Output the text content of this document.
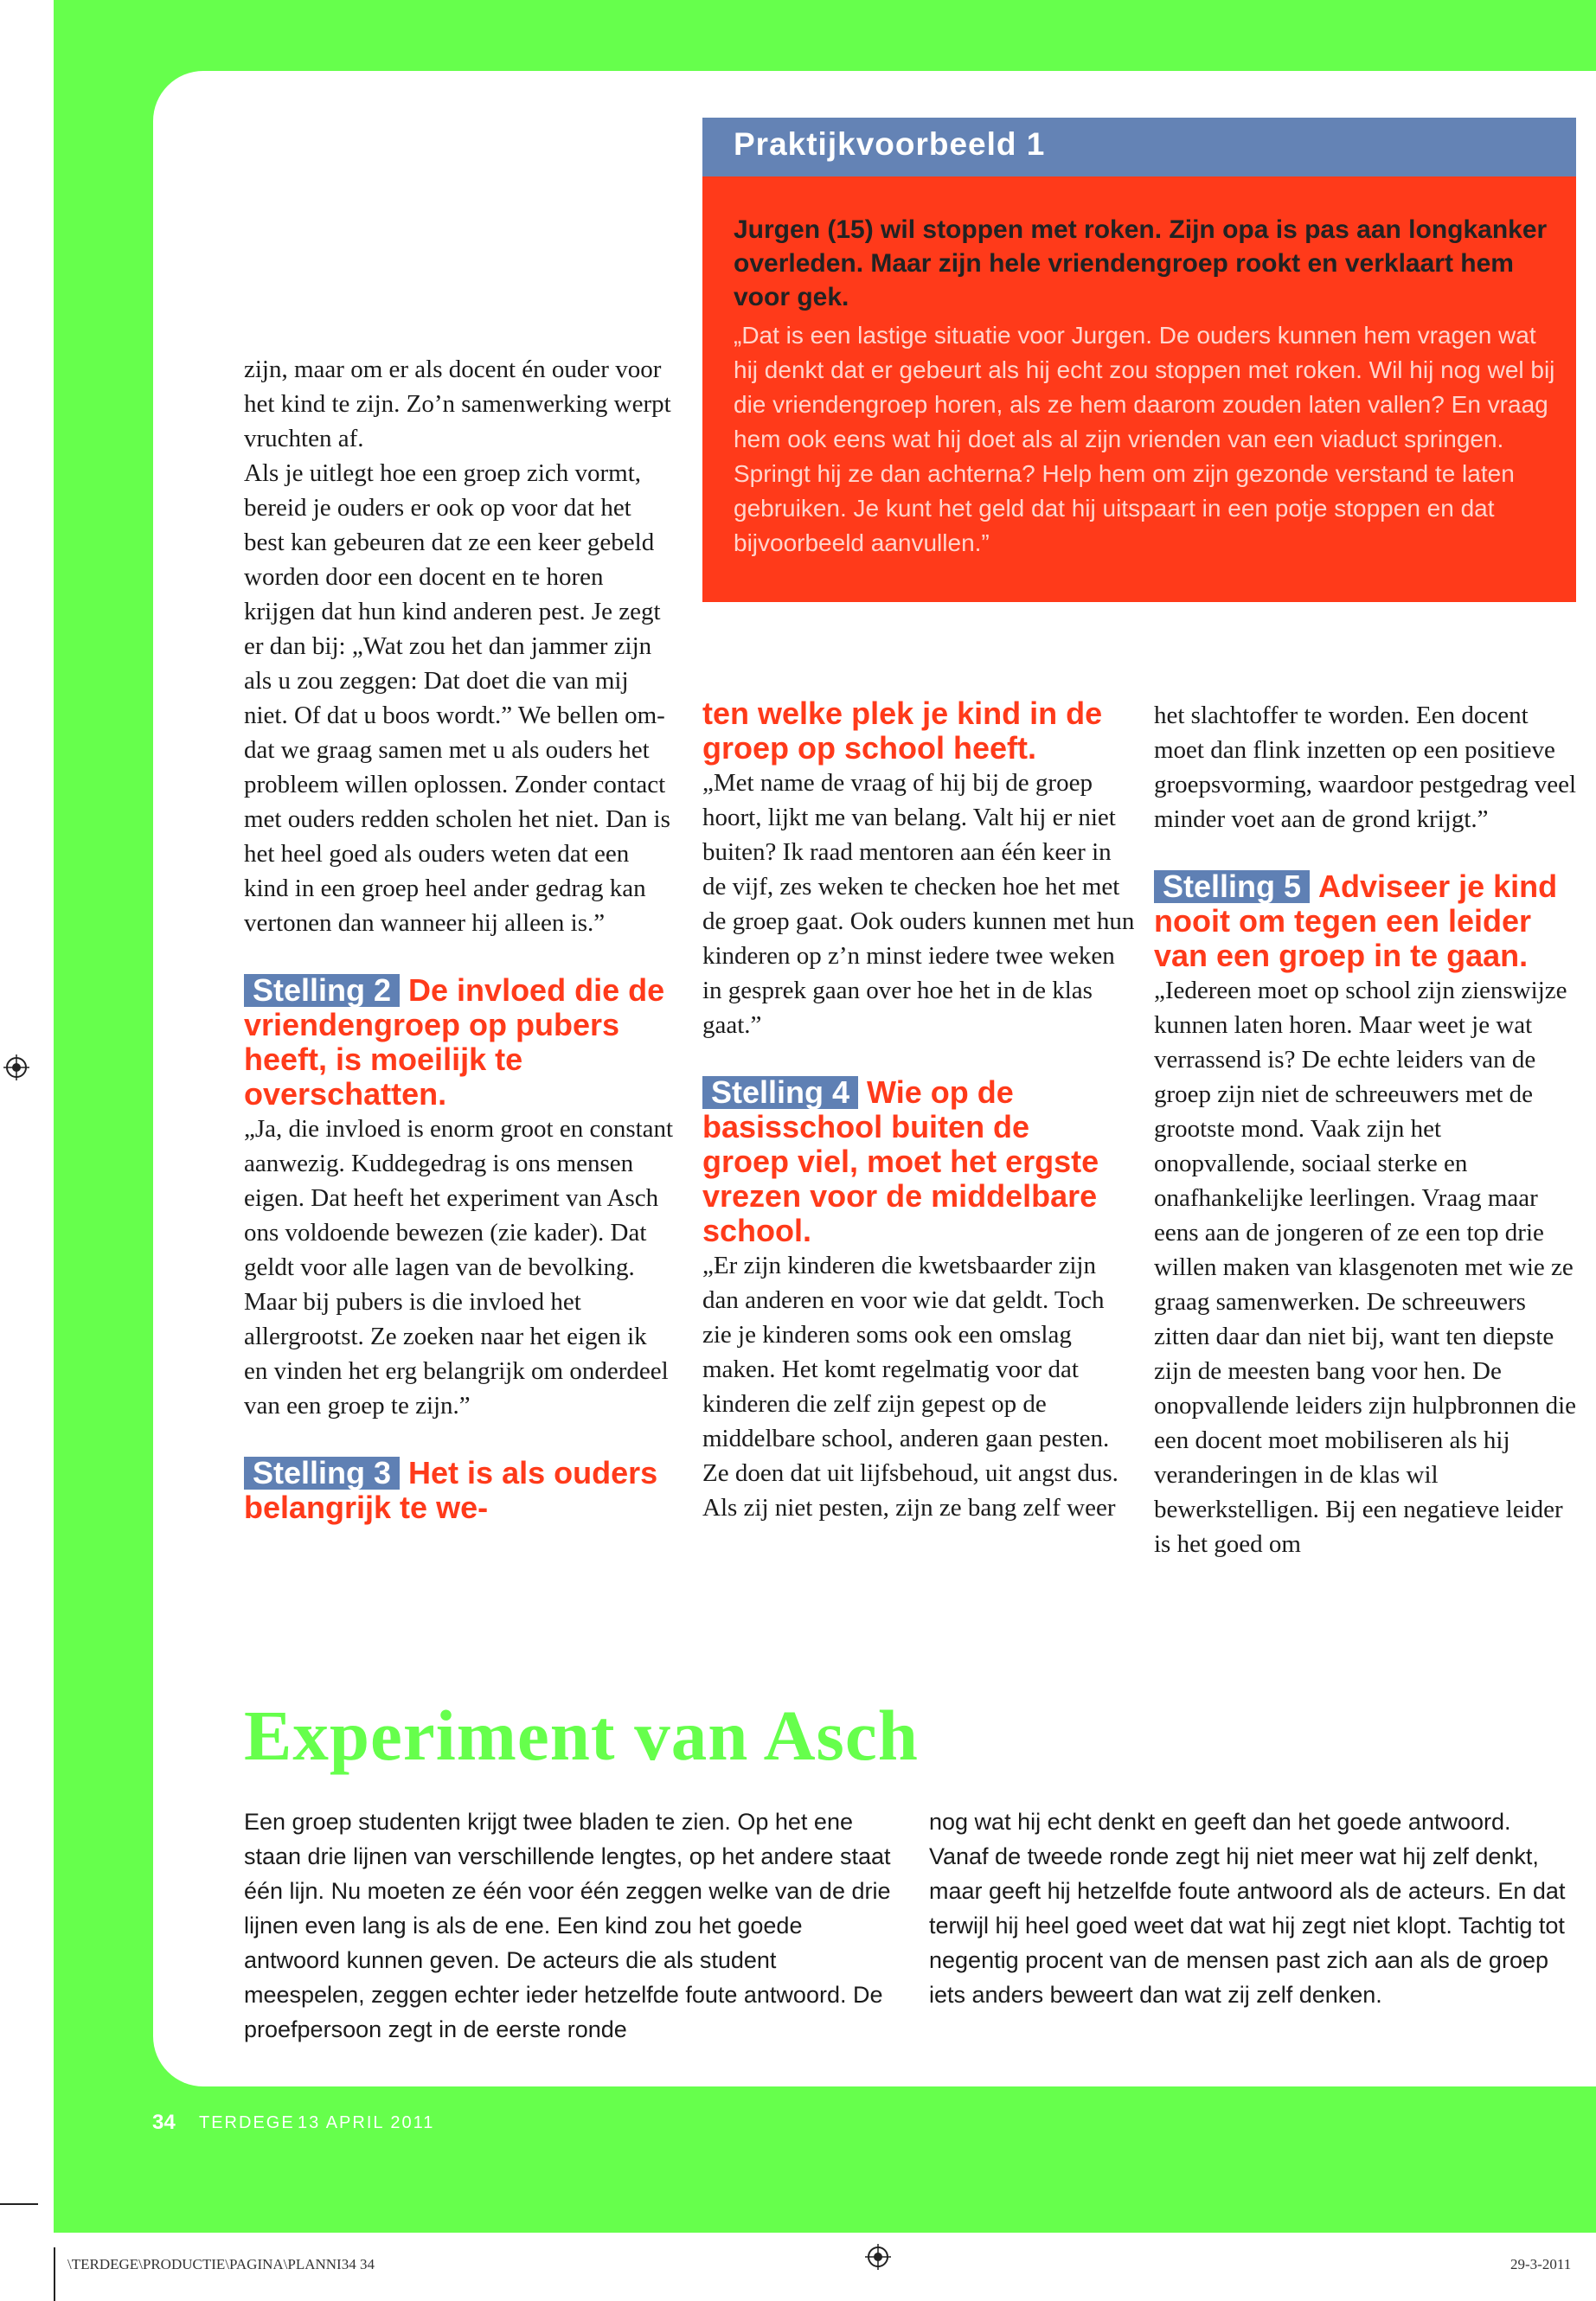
Praktijkvoorbeeld 1

Jurgen (15) wil stoppen met roken. Zijn opa is pas aan longkanker overleden. Maar zijn hele vriendengroep rookt en verklaart hem voor gek.

„Dat is een lastige situatie voor Jurgen. De ouders kunnen hem vragen wat hij denkt dat er gebeurt als hij echt zou stoppen met roken. Wil hij nog wel bij die vriendengroep horen, als ze hem daarom zouden laten vallen? En vraag hem ook eens wat hij doet als al zijn vrienden van een viaduct springen. Springt hij ze dan achterna? Help hem om zijn gezonde verstand te laten gebruiken. Je kunt het geld dat hij uitspaart in een potje stoppen en dat bijvoorbeeld aanvullen.”

zijn, maar om er als docent én ouder voor het kind te zijn. Zo’n samenwerking werpt vruchten af.

Als je uitlegt hoe een groep zich vormt, bereid je ouders er ook op voor dat het best kan gebeuren dat ze een keer gebeld worden door een docent en te horen krijgen dat hun kind anderen pest. Je zegt er dan bij: „Wat zou het dan jammer zijn als u zou zeggen: Dat doet die van mij niet. Of dat u boos wordt.” We bellen omdat we graag samen met u als ouders het probleem willen oplossen. Zonder contact met ouders redden scholen het niet. Dan is het heel goed als ouders weten dat een kind in een groep heel ander gedrag kan vertonen dan wanneer hij alleen is.”

Stelling 2 De invloed die de vriendengroep op pubers heeft, is moeilijk te overschatten.

„Ja, die invloed is enorm groot en constant aanwezig. Kuddegedrag is ons mensen eigen. Dat heeft het experiment van Asch ons voldoende bewezen (zie kader). Dat geldt voor alle lagen van de bevolking. Maar bij pubers is die invloed het allergrootst. Ze zoeken naar het eigen ik en vinden het erg belangrijk om onderdeel van een groep te zijn.”

Stelling 3 Het is als ouders belangrijk te we-
ten welke plek je kind in de groep op school heeft.

„Met name de vraag of hij bij de groep hoort, lijkt me van belang. Valt hij er niet buiten? Ik raad mentoren aan één keer in de vijf, zes weken te checken hoe het met de groep gaat. Ook ouders kunnen met hun kinderen op z’n minst iedere twee weken in gesprek gaan over hoe het in de klas gaat.”

Stelling 4 Wie op de basisschool buiten de groep viel, moet het ergste vrezen voor de middelbare school.

„Er zijn kinderen die kwetsbaarder zijn dan anderen en voor wie dat geldt. Toch zie je kinderen soms ook een omslag maken. Het komt regelmatig voor dat kinderen die zelf zijn gepest op de middelbare school, anderen gaan pesten. Ze doen dat uit lijfsbehoud, uit angst dus. Als zij niet pesten, zijn ze bang zelf weer

het slachtoffer te worden. Een docent moet dan flink inzetten op een positieve groepsvorming, waardoor pestgedrag veel minder voet aan de grond krijgt.”

Stelling 5 Adviseer je kind nooit om tegen een leider van een groep in te gaan.

„Iedereen moet op school zijn zienswijze kunnen laten horen. Maar weet je wat verrassend is? De echte leiders van de groep zijn niet de schreeuwers met de grootste mond. Vaak zijn het onopvallende, sociaal sterke en onafhankelijke leerlingen. Vraag maar eens aan de jongeren of ze een top drie willen maken van klasgenoten met wie ze graag samenwerken. De schreeuwers zitten daar dan niet bij, want ten diepste zijn de meesten bang voor hen. De onopvallende leiders zijn hulpbronnen die een docent moet mobiliseren als hij veranderingen in de klas wil bewerkstelligen. Bij een negatieve leider is het goed om

Experiment van Asch

Een groep studenten krijgt twee bladen te zien. Op het ene staan drie lijnen van verschillende lengtes, op het andere staat één lijn. Nu moeten ze één voor één zeggen welke van de drie lijnen even lang is als de ene. Een kind zou het goede antwoord kunnen geven. De acteurs die als student meespelen, zeggen echter ieder hetzelfde foute antwoord. De proefpersoon zegt in de eerste ronde

nog wat hij echt denkt en geeft dan het goede antwoord. Vanaf de tweede ronde zegt hij niet meer wat hij zelf denkt, maar geeft hij hetzelfde foute antwoord als de acteurs. En dat terwijl hij heel goed weet dat wat hij zegt niet klopt. Tachtig tot negentig procent van de mensen past zich aan als de groep iets anders beweert dan wat zij zelf denken.

34 TERDEGE 13 APRIL 2011
\TERDEGE\PRODUCTIE\PAGINA\PLANNI34 34	29-3-2011
